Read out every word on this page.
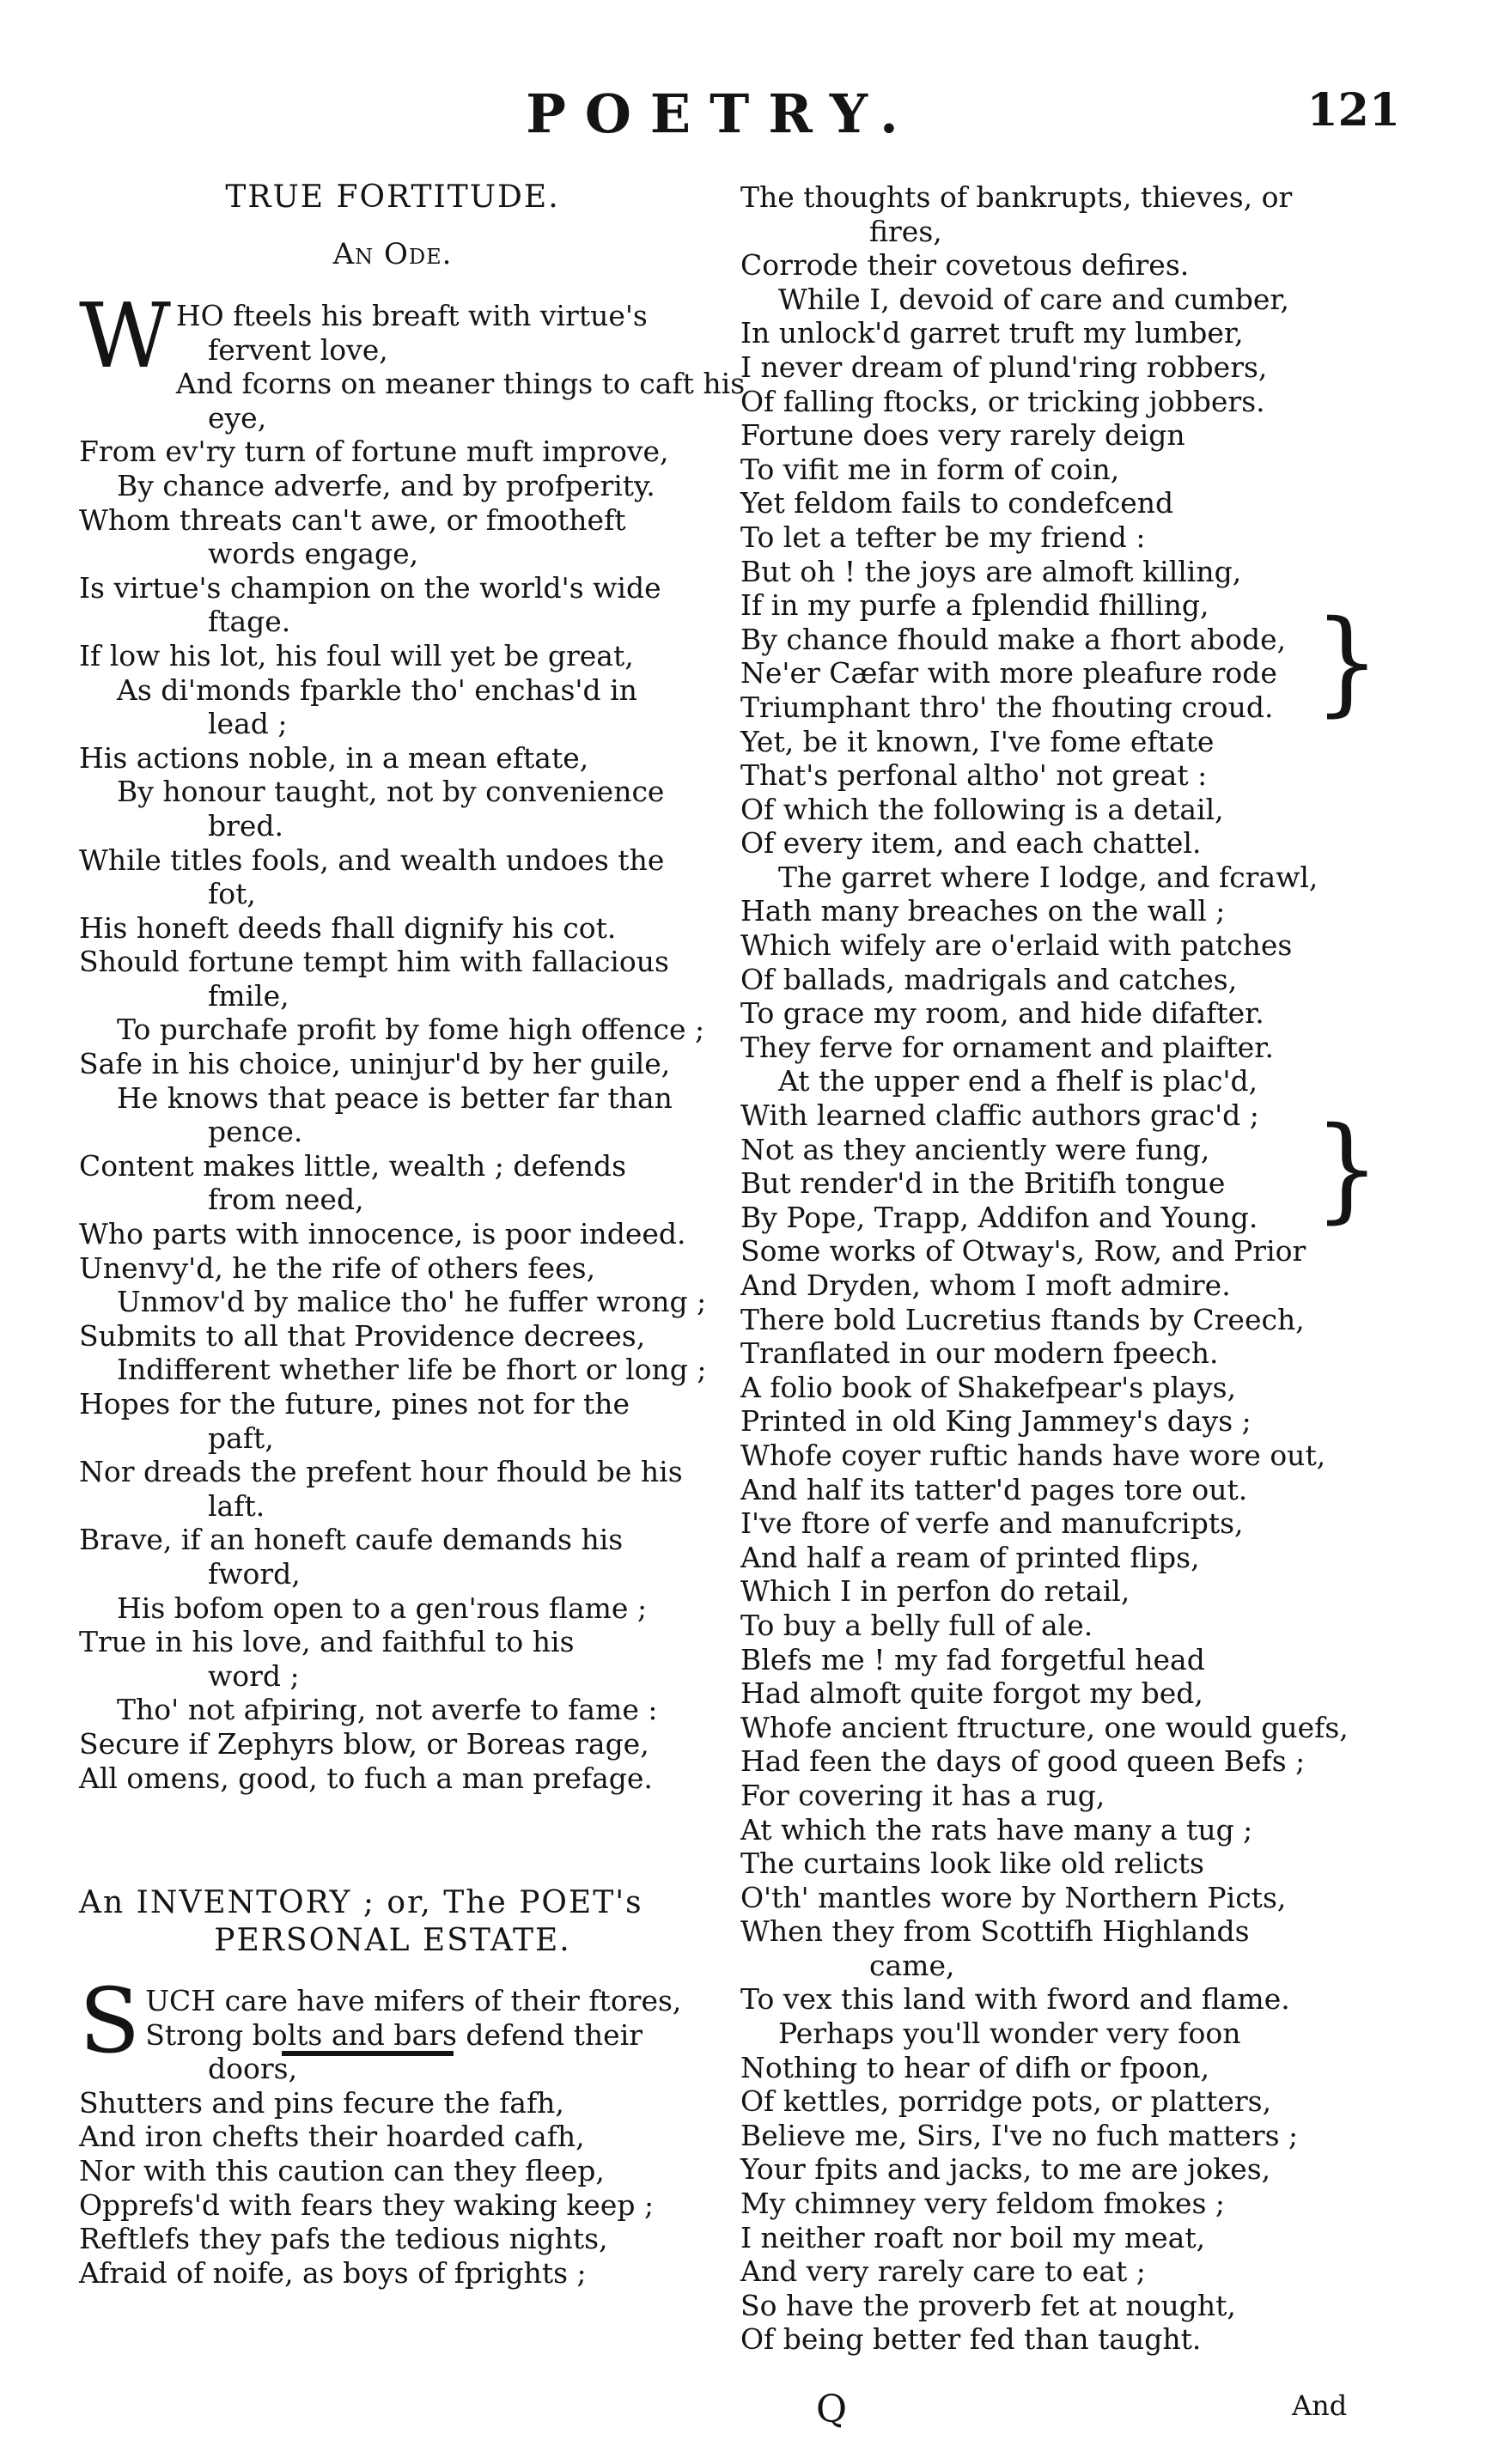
POETRY.	121
TRUE FORTITUDE.
An Ode.
W HO fteels his breaft with virtue's
fervent love,
And fcorns on meaner things to caft his
eye,
From ev'ry turn of fortune muft improve,
By chance adverfe, and by profperity.
Whom threats can't awe, or fmootheft
words engage,
Is virtue's champion on the world's wide
ftage.
If low his lot, his foul will yet be great,
As di'monds fparkle tho' enchas'd in
lead ;
His actions noble, in a mean eftate,
By honour taught, not by convenience
bred.
While titles fools, and wealth undoes the
fot,
His honeft deeds fhall dignify his cot.
Should fortune tempt him with fallacious
fmile,
To purchafe profit by fome high offence ;
Safe in his choice, uninjur'd by her guile,
He knows that peace is better far than
pence.
Content makes little, wealth ; defends
from need,
Who parts with innocence, is poor indeed.
Unenvy'd, he the rife of others fees,
Unmov'd by malice tho' he fuffer wrong ;
Submits to all that Providence decrees,
Indifferent whether life be fhort or long ;
Hopes for the future, pines not for the
paft,
Nor dreads the prefent hour fhould be his
laft.
Brave, if an honeft caufe demands his
fword,
His bofom open to a gen'rous flame ;
True in his love, and faithful to his
word ;
Tho' not afpiring, not averfe to fame :
Secure if Zephyrs blow, or Boreas rage,
All omens, good, to fuch a man prefage.
An INVENTORY ; or, The POET's
PERSONAL ESTATE.
S UCH care have mifers of their ftores,
Strong bolts and bars defend their
doors,
Shutters and pins fecure the fafh,
And iron chefts their hoarded cafh,
Nor with this caution can they fleep,
Opprefs'd with fears they waking keep ;
Reftlefs they pafs the tedious nights,
Afraid of noife, as boys of fprights ;
The thoughts of bankrupts, thieves, or
fires,
Corrode their covetous defires.
While I, devoid of care and cumber,
In unlock'd garret truft my lumber,
I never dream of plund'ring robbers,
Of falling ftocks, or tricking jobbers.
Fortune does very rarely deign
To vifit me in form of coin,
Yet feldom fails to condefcend
To let a tefter be my friend :
But oh ! the joys are almoft killing,
If in my purfe a fplendid fhilling,
By chance fhould make a fhort abode,
Ne'er Cæfar with more pleafure rode
Triumphant thro' the fhouting croud.
Yet, be it known, I've fome eftate
That's perfonal altho' not great :
Of which the following is a detail,
Of every item, and each chattel.
The garret where I lodge, and fcrawl,
Hath many breaches on the wall ;
Which wifely are o'erlaid with patches
Of ballads, madrigals and catches,
To grace my room, and hide difafter.
They ferve for ornament and plaifter.
At the upper end a fhelf is plac'd,
With learned claffic authors grac'd ;
Not as they anciently were fung,
But render'd in the Britifh tongue
By Pope, Trapp, Addifon and Young.
Some works of Otway's, Row, and Prior
And Dryden, whom I moft admire.
There bold Lucretius ftands by Creech,
Tranflated in our modern fpeech.
A folio book of Shakefpear's plays,
Printed in old King Jammey's days ;
Whofe coyer ruftic hands have wore out,
And half its tatter'd pages tore out.
I've ftore of verfe and manufcripts,
And half a ream of printed flips,
Which I in perfon do retail,
To buy a belly full of ale.
Blefs me ! my fad forgetful head
Had almoft quite forgot my bed,
Whofe ancient ftructure, one would guefs,
Had feen the days of good queen Befs ;
For covering it has a rug,
At which the rats have many a tug ;
The curtains look like old relicts
O'th' mantles wore by Northern Picts,
When they from Scottifh Highlands
came,
To vex this land with fword and flame.
Perhaps you'll wonder very foon
Nothing to hear of difh or fpoon,
Of kettles, porridge pots, or platters,
Believe me, Sirs, I've no fuch matters ;
Your fpits and jacks, to me are jokes,
My chimney very feldom fmokes ;
I neither roaft nor boil my meat,
And very rarely care to eat ;
So have the proverb fet at nought,
Of being better fed than taught.
}
}
Q	And
